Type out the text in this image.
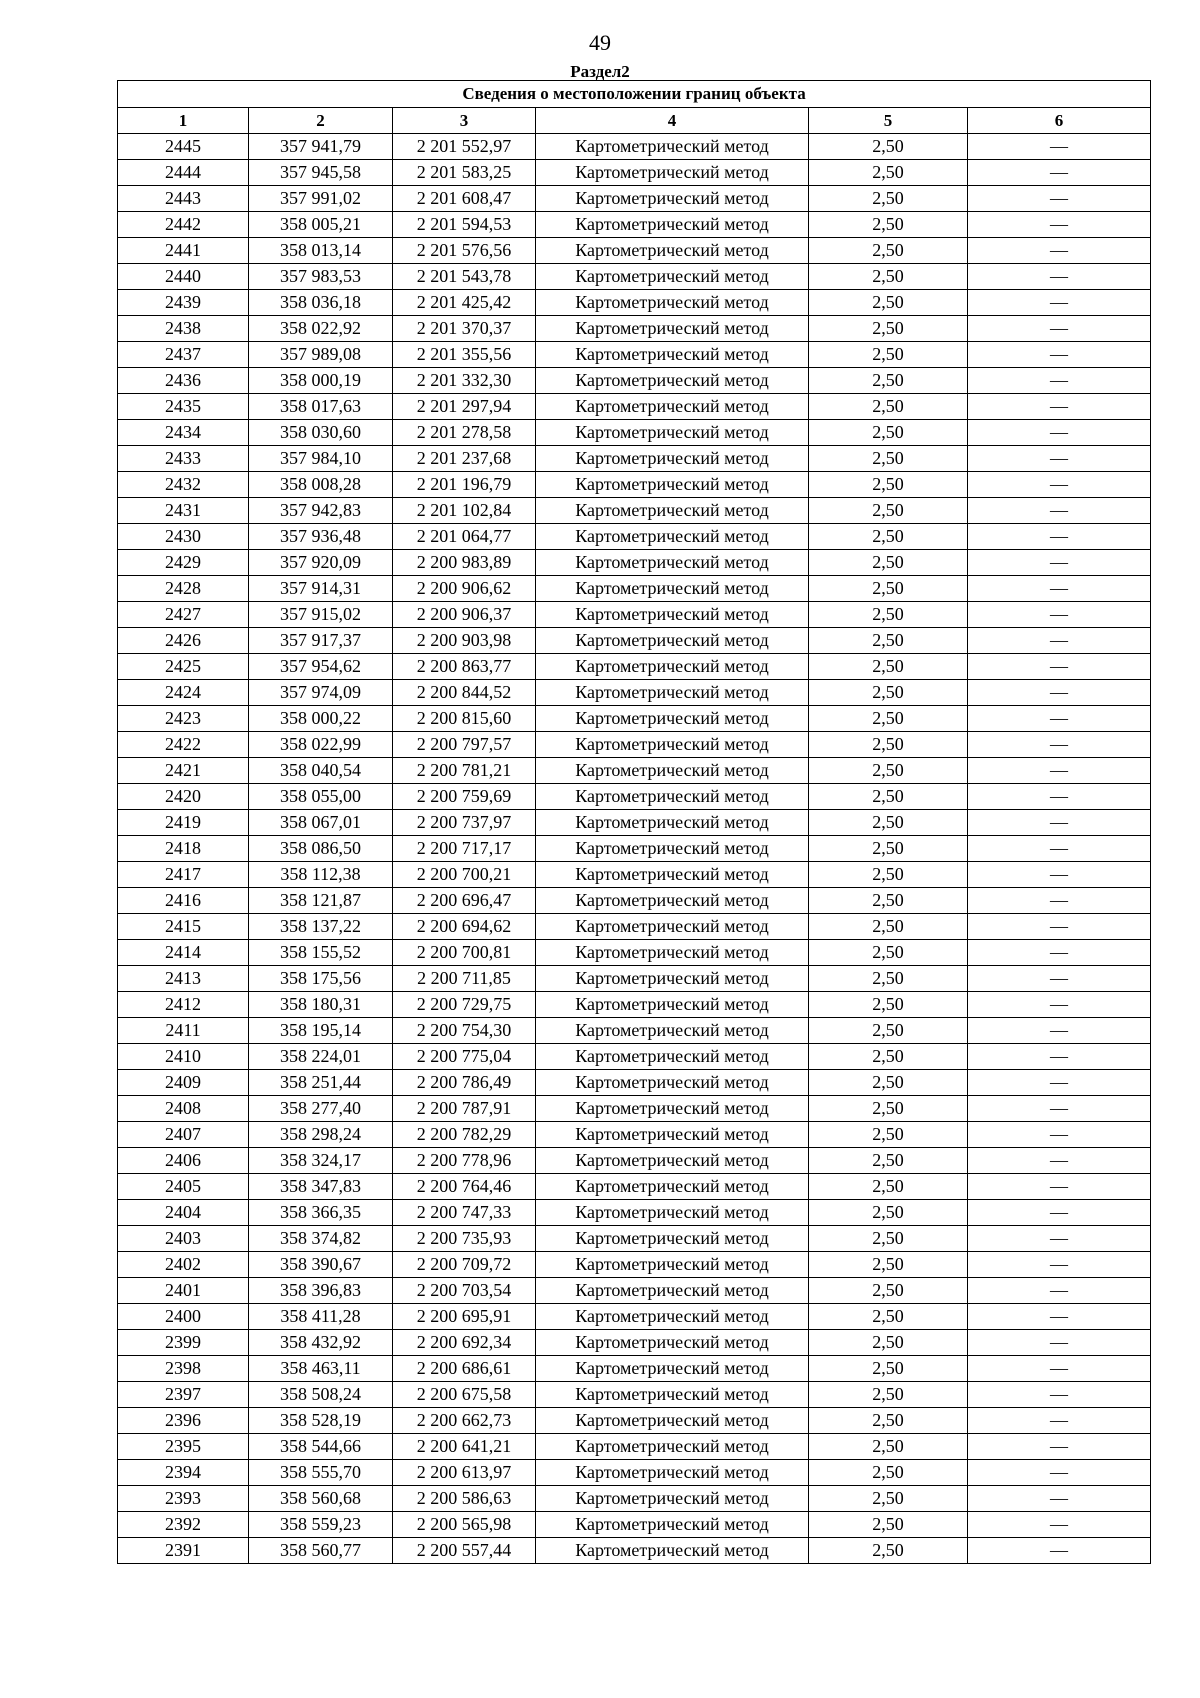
49
Раздел2
Сведения о местоположении границ объекта					
1	2	3	4	5	6
2445	357 941,79	2 201 552,97	Картометрический метод	2,50	—
2444	357 945,58	2 201 583,25	Картометрический метод	2,50	—
2443	357 991,02	2 201 608,47	Картометрический метод	2,50	—
2442	358 005,21	2 201 594,53	Картометрический метод	2,50	—
2441	358 013,14	2 201 576,56	Картометрический метод	2,50	—
2440	357 983,53	2 201 543,78	Картометрический метод	2,50	—
2439	358 036,18	2 201 425,42	Картометрический метод	2,50	—
2438	358 022,92	2 201 370,37	Картометрический метод	2,50	—
2437	357 989,08	2 201 355,56	Картометрический метод	2,50	—
2436	358 000,19	2 201 332,30	Картометрический метод	2,50	—
2435	358 017,63	2 201 297,94	Картометрический метод	2,50	—
2434	358 030,60	2 201 278,58	Картометрический метод	2,50	—
2433	357 984,10	2 201 237,68	Картометрический метод	2,50	—
2432	358 008,28	2 201 196,79	Картометрический метод	2,50	—
2431	357 942,83	2 201 102,84	Картометрический метод	2,50	—
2430	357 936,48	2 201 064,77	Картометрический метод	2,50	—
2429	357 920,09	2 200 983,89	Картометрический метод	2,50	—
2428	357 914,31	2 200 906,62	Картометрический метод	2,50	—
2427	357 915,02	2 200 906,37	Картометрический метод	2,50	—
2426	357 917,37	2 200 903,98	Картометрический метод	2,50	—
2425	357 954,62	2 200 863,77	Картометрический метод	2,50	—
2424	357 974,09	2 200 844,52	Картометрический метод	2,50	—
2423	358 000,22	2 200 815,60	Картометрический метод	2,50	—
2422	358 022,99	2 200 797,57	Картометрический метод	2,50	—
2421	358 040,54	2 200 781,21	Картометрический метод	2,50	—
2420	358 055,00	2 200 759,69	Картометрический метод	2,50	—
2419	358 067,01	2 200 737,97	Картометрический метод	2,50	—
2418	358 086,50	2 200 717,17	Картометрический метод	2,50	—
2417	358 112,38	2 200 700,21	Картометрический метод	2,50	—
2416	358 121,87	2 200 696,47	Картометрический метод	2,50	—
2415	358 137,22	2 200 694,62	Картометрический метод	2,50	—
2414	358 155,52	2 200 700,81	Картометрический метод	2,50	—
2413	358 175,56	2 200 711,85	Картометрический метод	2,50	—
2412	358 180,31	2 200 729,75	Картометрический метод	2,50	—
2411	358 195,14	2 200 754,30	Картометрический метод	2,50	—
2410	358 224,01	2 200 775,04	Картометрический метод	2,50	—
2409	358 251,44	2 200 786,49	Картометрический метод	2,50	—
2408	358 277,40	2 200 787,91	Картометрический метод	2,50	—
2407	358 298,24	2 200 782,29	Картометрический метод	2,50	—
2406	358 324,17	2 200 778,96	Картометрический метод	2,50	—
2405	358 347,83	2 200 764,46	Картометрический метод	2,50	—
2404	358 366,35	2 200 747,33	Картометрический метод	2,50	—
2403	358 374,82	2 200 735,93	Картометрический метод	2,50	—
2402	358 390,67	2 200 709,72	Картометрический метод	2,50	—
2401	358 396,83	2 200 703,54	Картометрический метод	2,50	—
2400	358 411,28	2 200 695,91	Картометрический метод	2,50	—
2399	358 432,92	2 200 692,34	Картометрический метод	2,50	—
2398	358 463,11	2 200 686,61	Картометрический метод	2,50	—
2397	358 508,24	2 200 675,58	Картометрический метод	2,50	—
2396	358 528,19	2 200 662,73	Картометрический метод	2,50	—
2395	358 544,66	2 200 641,21	Картометрический метод	2,50	—
2394	358 555,70	2 200 613,97	Картометрический метод	2,50	—
2393	358 560,68	2 200 586,63	Картометрический метод	2,50	—
2392	358 559,23	2 200 565,98	Картометрический метод	2,50	—
2391	358 560,77	2 200 557,44	Картометрический метод	2,50	—
